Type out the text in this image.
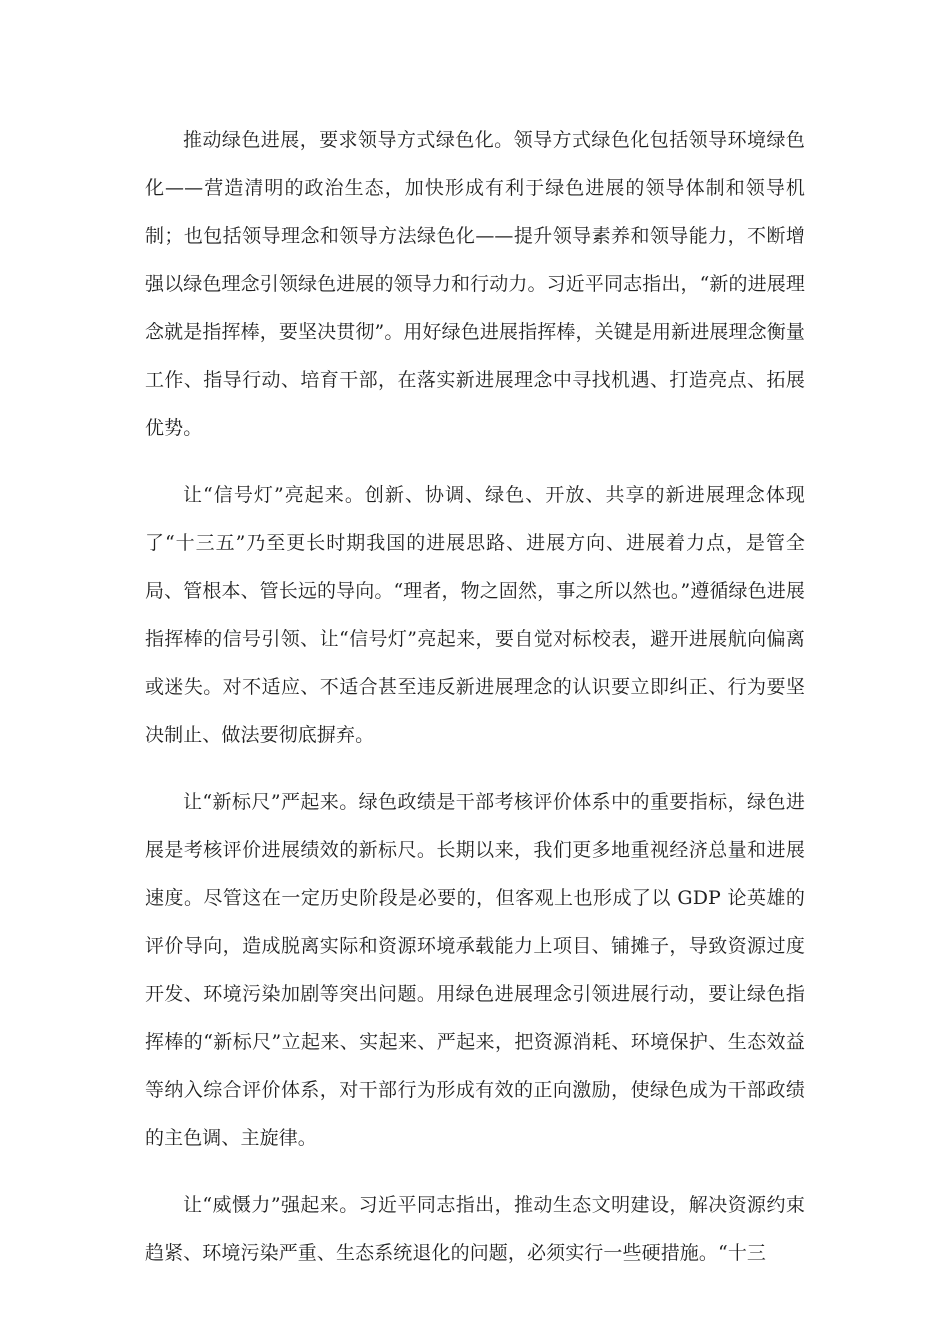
推动绿色进展，要求领导方式绿色化。领导方式绿色化包括领导环境绿色化——营造清明的政治生态，加快形成有利于绿色进展的领导体制和领导机制；也包括领导理念和领导方法绿色化——提升领导素养和领导能力，不断增强以绿色理念引领绿色进展的领导力和行动力。习近平同志指出，“新的进展理念就是指挥棒，要坚决贯彻”。用好绿色进展指挥棒，关键是用新进展理念衡量工作、指导行动、培育干部，在落实新进展理念中寻找机遇、打造亮点、拓展优势。

让“信号灯”亮起来。创新、协调、绿色、开放、共享的新进展理念体现了“十三五”乃至更长时期我国的进展思路、进展方向、进展着力点，是管全局、管根本、管长远的导向。“理者，物之固然，事之所以然也。”遵循绿色进展指挥棒的信号引领、让“信号灯”亮起来，要自觉对标校表，避开进展航向偏离或迷失。对不适应、不适合甚至违反新进展理念的认识要立即纠正、行为要坚决制止、做法要彻底摒弃。

让“新标尺”严起来。绿色政绩是干部考核评价体系中的重要指标，绿色进展是考核评价进展绩效的新标尺。长期以来，我们更多地重视经济总量和进展速度。尽管这在一定历史阶段是必要的，但客观上也形成了以 GDP 论英雄的评价导向，造成脱离实际和资源环境承载能力上项目、铺摊子，导致资源过度开发、环境污染加剧等突出问题。用绿色进展理念引领进展行动，要让绿色指挥棒的“新标尺”立起来、实起来、严起来，把资源消耗、环境保护、生态效益等纳入综合评价体系，对干部行为形成有效的正向激励，使绿色成为干部政绩的主色调、主旋律。

让“威慑力”强起来。习近平同志指出，推动生态文明建设，解决资源约束趋紧、环境污染严重、生态系统退化的问题，必须实行一些硬措施。“十三
